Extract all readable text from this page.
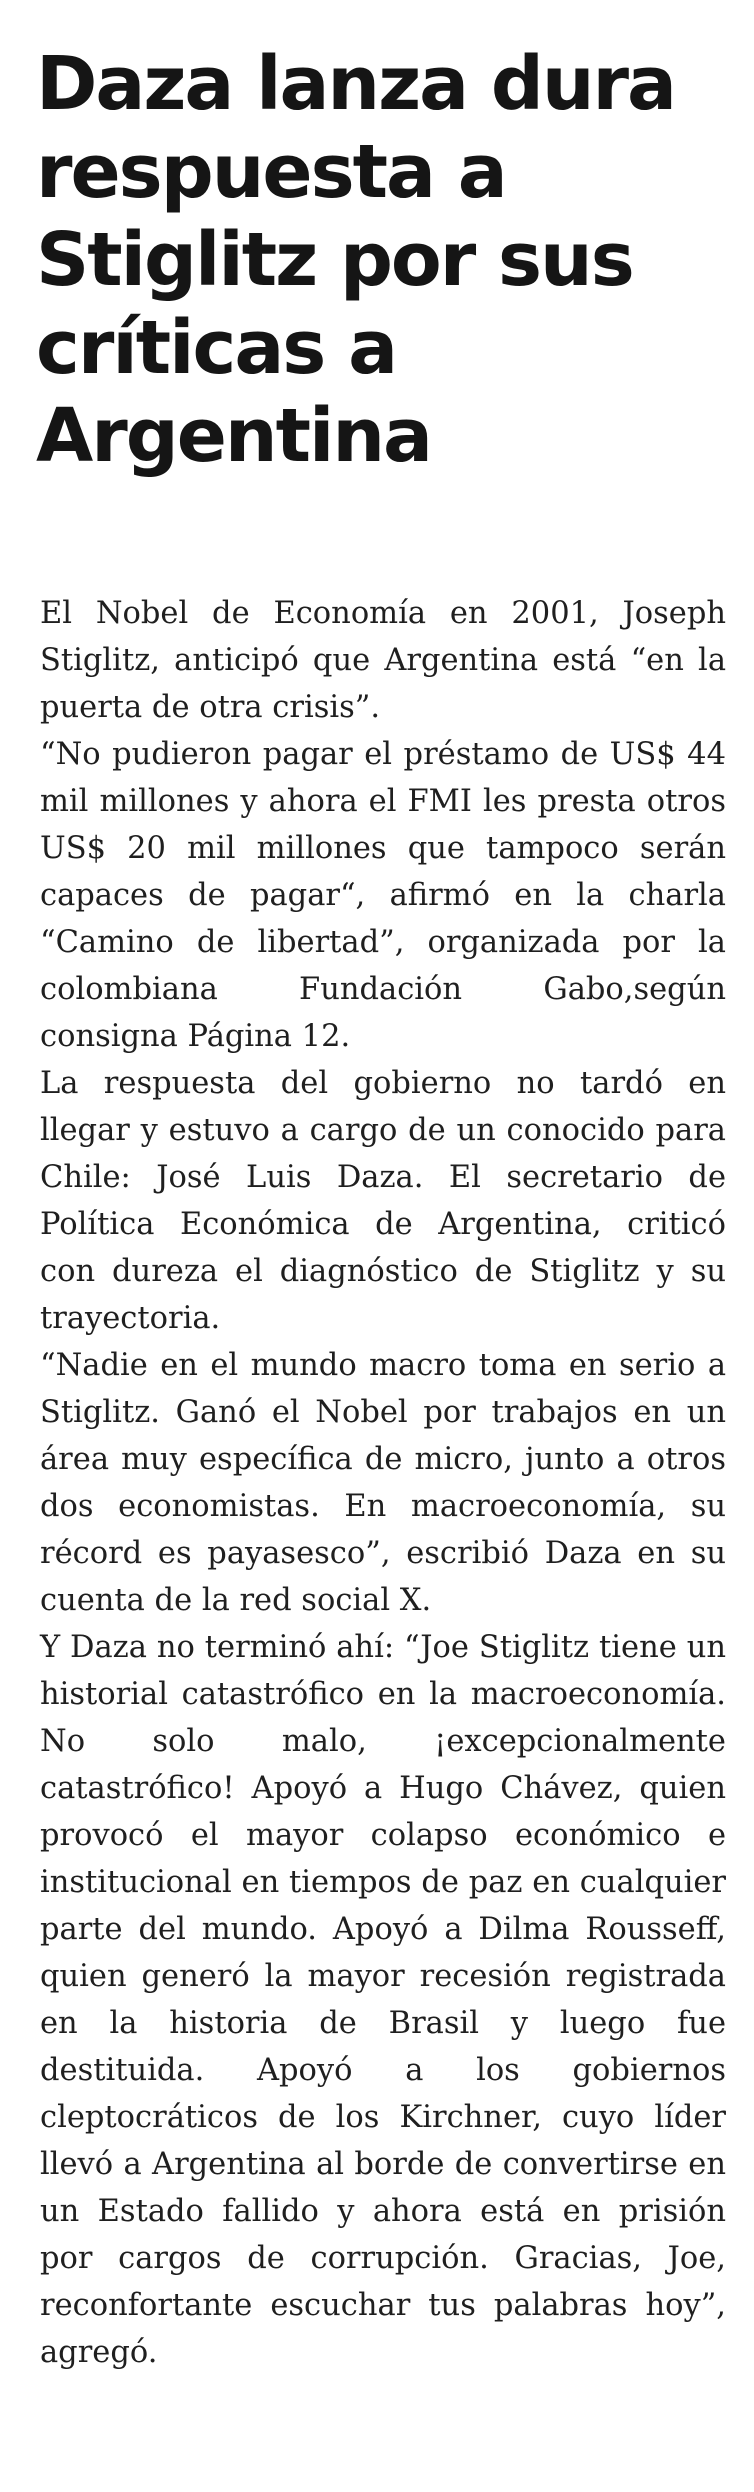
Daza lanza dura respuesta a Stiglitz por sus críticas a Argentina

El Nobel de Economía en 2001, Joseph Stiglitz, anticipó que Argentina está “en la puerta de otra crisis”.

“No pudieron pagar el préstamo de US$ 44 mil millones y ahora el FMI les presta otros US$ 20 mil millones que tampoco serán capaces de pagar“, afirmó en la charla “Camino de libertad”, organizada por la colombiana Fundación Gabo,según consigna Página 12.

La respuesta del gobierno no tardó en llegar y estuvo a cargo de un conocido para Chile: José Luis Daza. El secretario de Política Económica de Argentina, criticó con dureza el diagnóstico de Stiglitz y su trayectoria.

“Nadie en el mundo macro toma en serio a Stiglitz. Ganó el Nobel por trabajos en un área muy específica de micro, junto a otros dos economistas. En macroeconomía, su récord es payasesco”, escribió Daza en su cuenta de la red social X.

Y Daza no terminó ahí: “Joe Stiglitz tiene un historial catastrófico en la macroeconomía. No solo malo, ¡excepcionalmente catastrófico! Apoyó a Hugo Chávez, quien provocó el mayor colapso económico e institucional en tiempos de paz en cualquier parte del mundo. Apoyó a Dilma Rousseff, quien generó la mayor recesión registrada en la historia de Brasil y luego fue destituida. Apoyó a los gobiernos cleptocráticos de los Kirchner, cuyo líder llevó a Argentina al borde de convertirse en un Estado fallido y ahora está en prisión por cargos de corrupción. Gracias, Joe, reconfortante escuchar tus palabras hoy”, agregó.
